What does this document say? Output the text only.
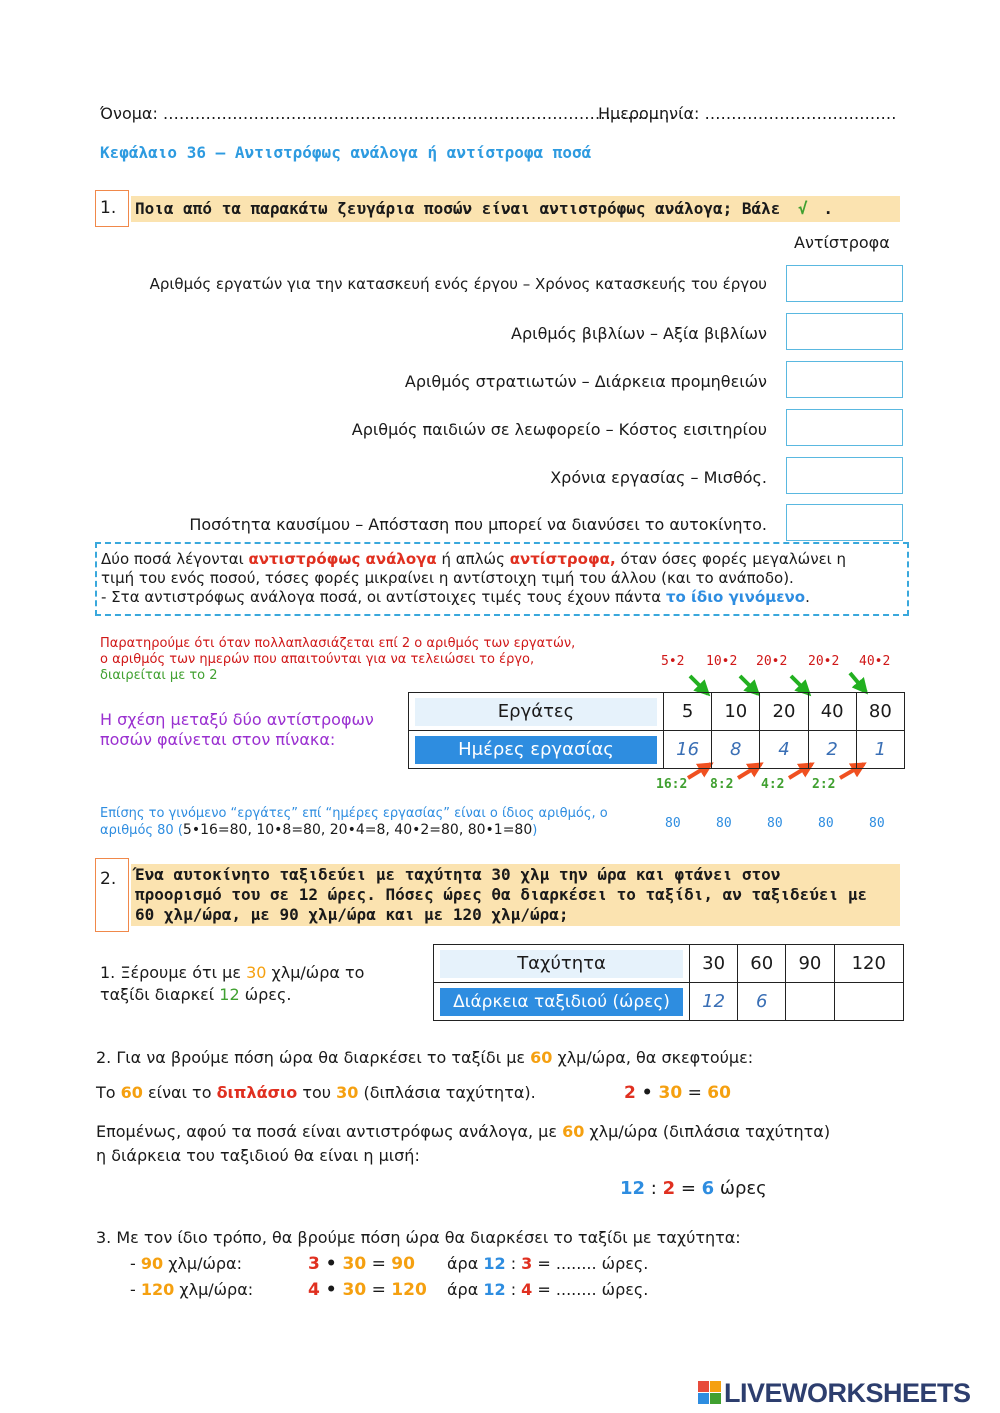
Όνομα: ……………………………………………………………………………………
Ημερομηνία: ………………………………
Κεφάλαιο 36 – Αντιστρόφως ανάλογα ή αντίστροφα ποσά
1.	Ποια από τα παρακάτω ζευγάρια ποσών είναι αντιστρόφως ανάλογα; Βάλε √ .
Αντίστροφα
Αριθμός εργατών για την κατασκευή ενός έργου – Χρόνος κατασκευής του έργου
Αριθμός βιβλίων – Αξία βιβλίων
Αριθμός στρατιωτών – Διάρκεια προμηθειών
Αριθμός παιδιών σε λεωφορείο – Κόστος εισιτηρίου
Χρόνια εργασίας – Μισθός.
Ποσότητα καυσίμου – Απόσταση που μπορεί να διανύσει το αυτοκίνητο.
Δύο ποσά λέγονται αντιστρόφως ανάλογα ή απλώς αντίστροφα, όταν όσες φορές μεγαλώνει η
τιμή του ενός ποσού, τόσες φορές μικραίνει η αντίστοιχη τιμή του άλλου (και το ανάποδο).
- Στα αντιστρόφως ανάλογα ποσά, οι αντίστοιχες τιμές τους έχουν πάντα το ίδιο γινόμενο.
Παρατηρούμε ότι όταν πολλαπλασιάζεται επί 2 ο αριθμός των εργατών,
ο αριθμός των ημερών που απαιτούνται για να τελειώσει το έργο,
διαιρείται με το 2
5•2 10•2 20•2 20•2 40•2
Η σχέση μεταξύ δύο αντίστροφων
ποσών φαίνεται στον πίνακα:
Εργάτες	5	10	20	40	80

Ημέρες εργασίας	16	8	4	2	1
16:2 8:2 4:2 2:2
Επίσης το γινόμενο “εργάτες” επί “ημέρες εργασίας” είναι ο ίδιος αριθμός, ο
αριθμός 80 (5•16=80, 10•8=80, 20•4=8, 40•2=80, 80•1=80)	80	80	80	80	80
2.	Ένα αυτοκίνητο ταξιδεύει με ταχύτητα 30 χλμ την ώρα και φτάνει στον
προορισμό του σε 12 ώρες. Πόσες ώρες θα διαρκέσει το ταξίδι, αν ταξιδεύει με
60 χλμ/ώρα, με 90 χλμ/ώρα και με 120 χλμ/ώρα;
1. Ξέρουμε ότι με 30 χλμ/ώρα το
ταξίδι διαρκεί 12 ώρες.
Ταχύτητα	30	60	90	120

Διάρκεια ταξιδιού (ώρες)	12	6		
2. Για να βρούμε πόση ώρα θα διαρκέσει το ταξίδι με 60 χλμ/ώρα, θα σκεφτούμε:
Το 60 είναι το διπλάσιο του 30 (διπλάσια ταχύτητα).	2 • 30 = 60
Επομένως, αφού τα ποσά είναι αντιστρόφως ανάλογα, με 60 χλμ/ώρα (διπλάσια ταχύτητα)
η διάρκεια του ταξιδιού θα είναι η μισή:
12 : 2 = 6 ώρες
3. Με τον ίδιο τρόπο, θα βρούμε πόση ώρα θα διαρκέσει το ταξίδι με ταχύτητα:
- 90 χλμ/ώρα:	3 • 30 = 90 άρα 12 : 3 = ........ ώρες.
- 120 χλμ/ώρα:	4 • 30 = 120 άρα 12 : 4 = ........ ώρες.
LIVEWORKSHEETS
